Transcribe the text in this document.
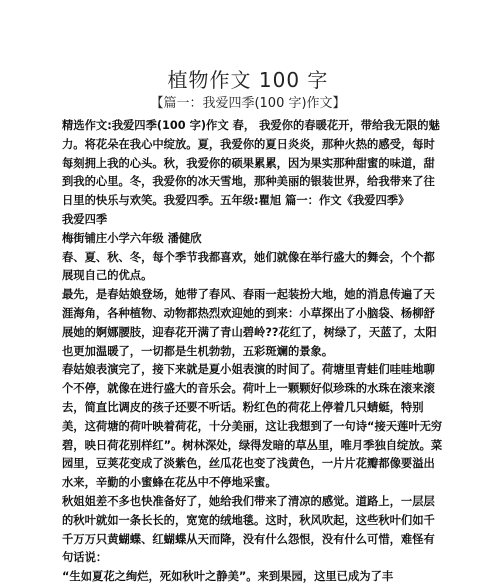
植物作文 100 字
【篇一：我爱四季(100 字)作文】

精选作文:我爱四季(100 字)作文 春， 我爱你的春暖花开，带给我无限的魅力。将花朵在我心中绽放。夏，我爱你的夏日炎炎，那种火热的感受，每时每刻拥上我的心头。秋，我爱你的硕果累累，因为果实那种甜蜜的味道，甜到我的心里。冬，我爱你的冰天雪地，那种美丽的银装世界，给我带来了往日里的快乐与欢笑。我爱四季。五年级:瞿旭 篇一：作文《我爱四季》

我爱四季

梅街铺庄小学六年级 潘健欣

春、夏、秋、冬，每个季节我都喜欢，她们就像在举行盛大的舞会，个个都展现自己的优点。

最先，是春姑娘登场，她带了春风、春雨一起装扮大地，她的消息传遍了天涯海角，各种植物、动物都热烈欢迎她的到来：小草探出了小脑袋、杨柳舒展她的婀娜腰肢，迎春花开满了青山碧岭??花红了，树绿了，天蓝了，太阳也更加温暖了，一切都是生机勃勃，五彩斑斓的景象。

春姑娘表演完了，接下来就是夏小姐表演的时间了。荷塘里青蛙们哇哇地聊个不停，就像在进行盛大的音乐会。荷叶上一颗颗好似珍珠的水珠在滚来滚去，简直比调皮的孩子还要不听话。粉红色的荷花上停着几只蜻蜓，特别美，这荷塘的荷叶映着荷花，十分美丽，这让我想到了一句诗“接天莲叶无穷碧，映日荷花别样红”。树林深处，绿得发暗的草丛里，唯月季独自绽放。菜园里，豆荚花变成了淡紫色，丝瓜花也变了浅黄色，一片片花瓣都像要溢出水来，辛勤的小蜜蜂在花丛中不停地采蜜。

秋姐姐差不多也快准备好了，她给我们带来了清凉的感觉。道路上，一层层的秋叶就如一条长长的，宽宽的绒地毯。这时，秋风吹起，这些秋叶们如千千万万只黄蝴蝶、红蝴蝶从天而降，没有什么怨恨，没有什么可惜，难怪有句话说：

“生如夏花之绚烂，死如秋叶之静美”。来到果园，这里已成为了丰
